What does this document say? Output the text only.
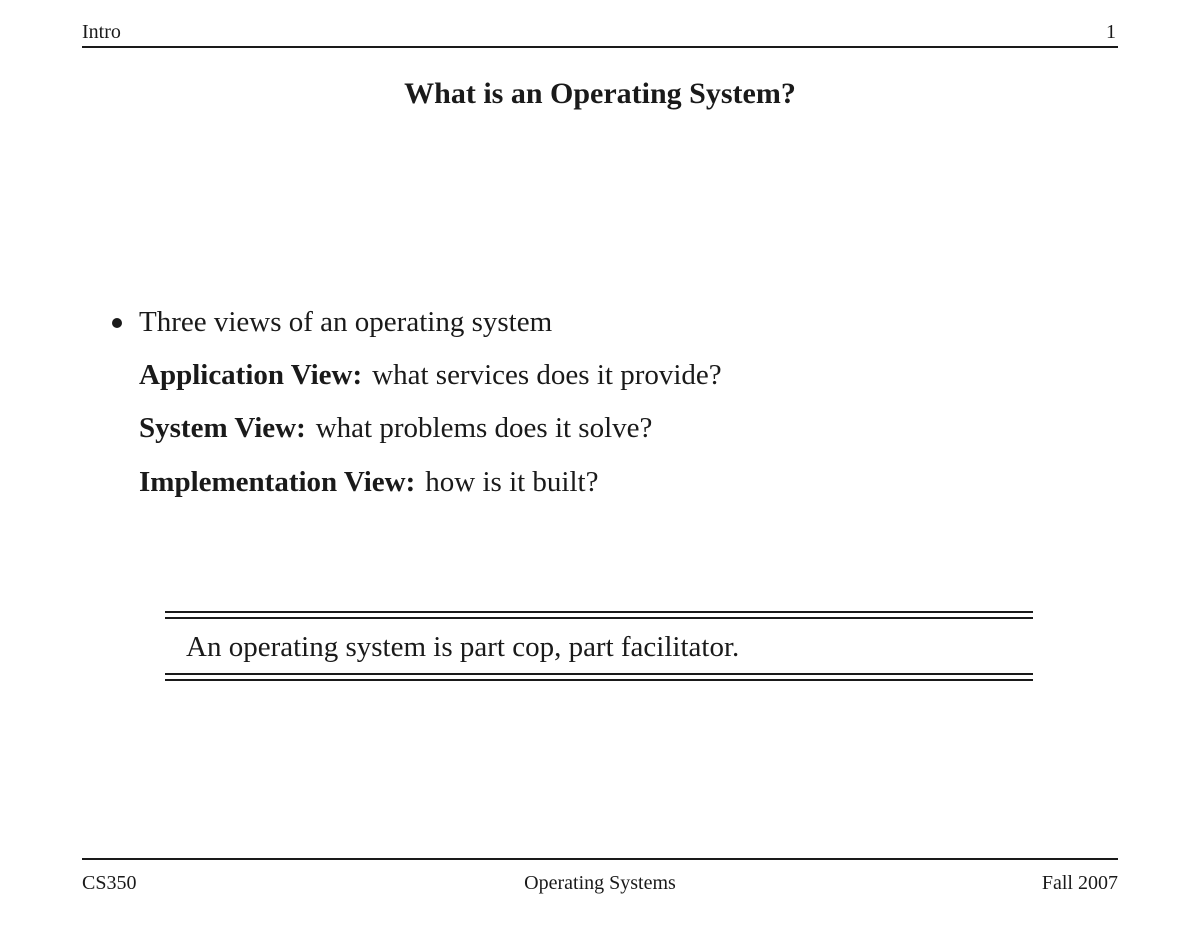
Intro	1
What is an Operating System?
Three views of an operating system
Application View: what services does it provide?
System View: what problems does it solve?
Implementation View: how is it built?
An operating system is part cop, part facilitator.
CS350	Operating Systems	Fall 2007
